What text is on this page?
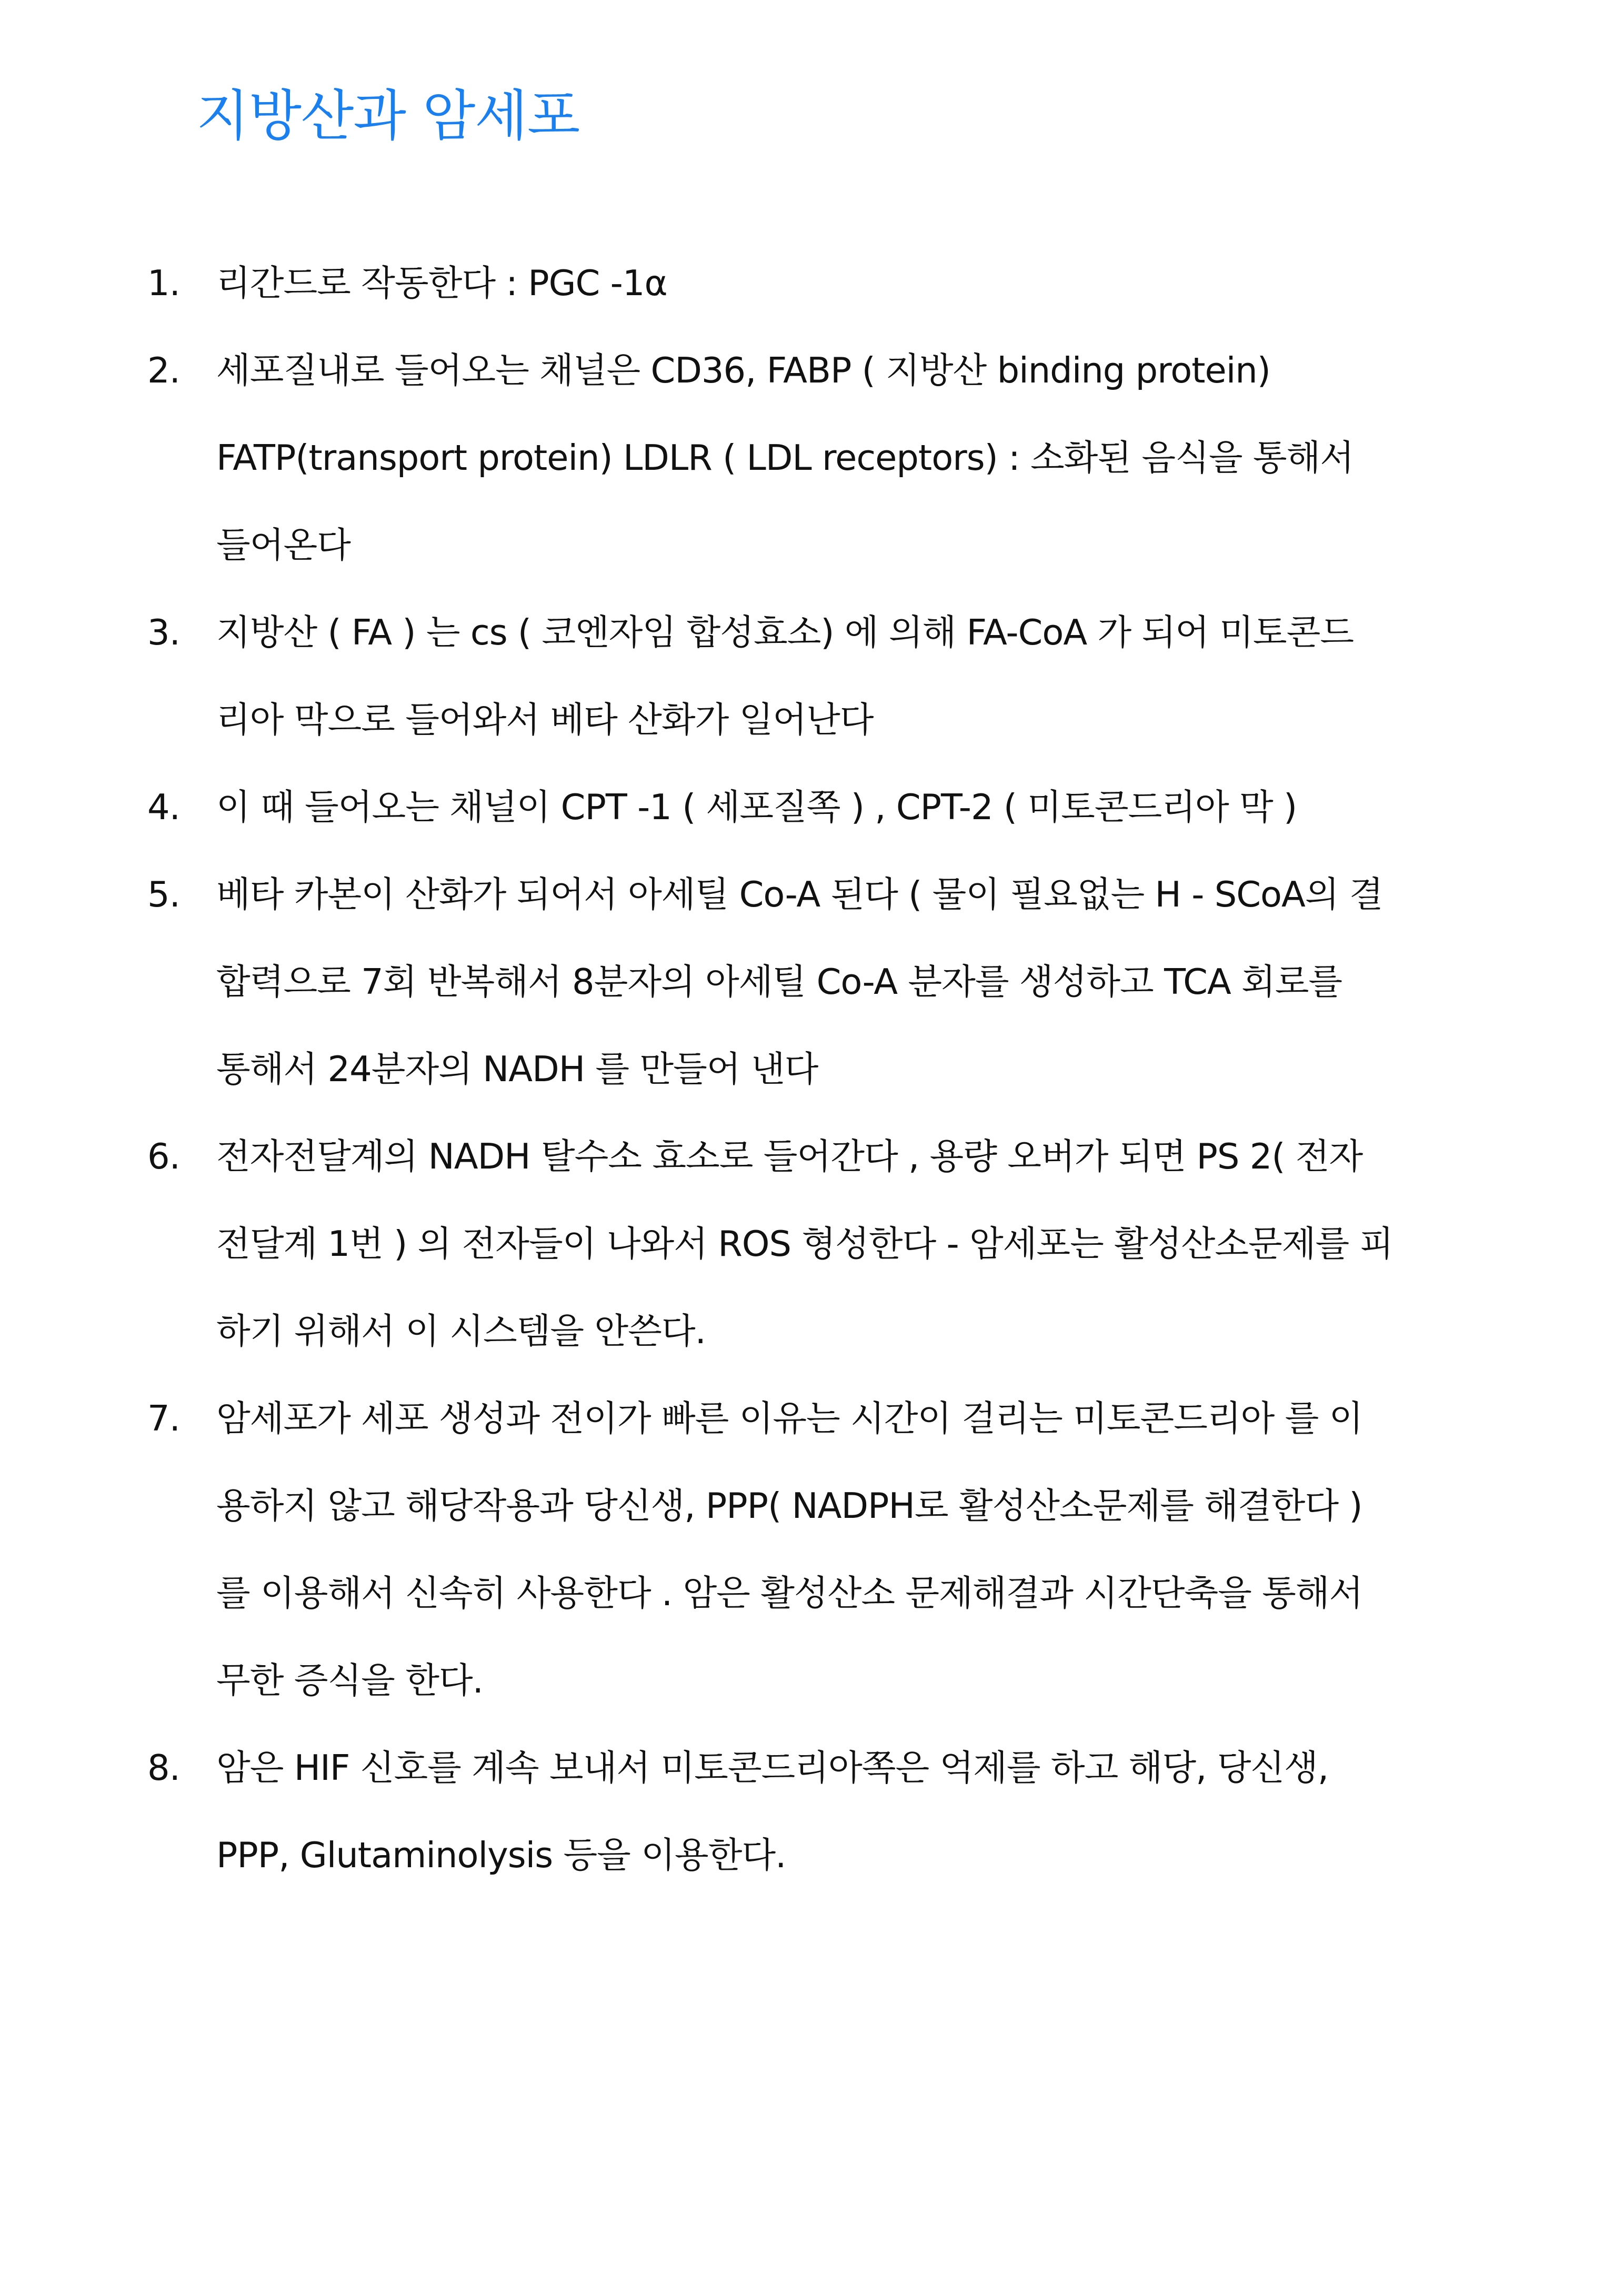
지방산과 암세포
1.	리간드로 작동한다 : PGC -1α
2.	세포질내로 들어오는 채널은 CD36, FABP ( 지방산 binding protein)
FATP(transport protein) LDLR ( LDL receptors) : 소화된 음식을 통해서
들어온다
3.	지방산 ( FA ) 는 cs ( 코엔자임 합성효소) 에 의해 FA-CoA 가 되어 미토콘드
리아 막으로 들어와서 베타 산화가 일어난다
4.	이 때 들어오는 채널이 CPT -1 ( 세포질쪽 ) , CPT-2 ( 미토콘드리아 막 )
5.	베타 카본이 산화가 되어서 아세틸 Co-A 된다 ( 물이 필요없는 H - SCoA의 결
합력으로 7회 반복해서 8분자의 아세틸 Co-A 분자를 생성하고 TCA 회로를
통해서 24분자의 NADH 를 만들어 낸다
6.	전자전달계의 NADH 탈수소 효소로 들어간다 , 용량 오버가 되면 PS 2( 전자
전달계 1번 ) 의 전자들이 나와서 ROS 형성한다 - 암세포는 활성산소문제를 피
하기 위해서 이 시스템을 안쓴다.
7.	암세포가 세포 생성과 전이가 빠른 이유는 시간이 걸리는 미토콘드리아 를 이
용하지 않고 해당작용과 당신생, PPP( NADPH로 활성산소문제를 해결한다 )
를 이용해서 신속히 사용한다 . 암은 활성산소 문제해결과 시간단축을 통해서
무한 증식을 한다.
8.	암은 HIF 신호를 계속 보내서 미토콘드리아쪽은 억제를 하고 해당, 당신생,
PPP, Glutaminolysis 등을 이용한다.
